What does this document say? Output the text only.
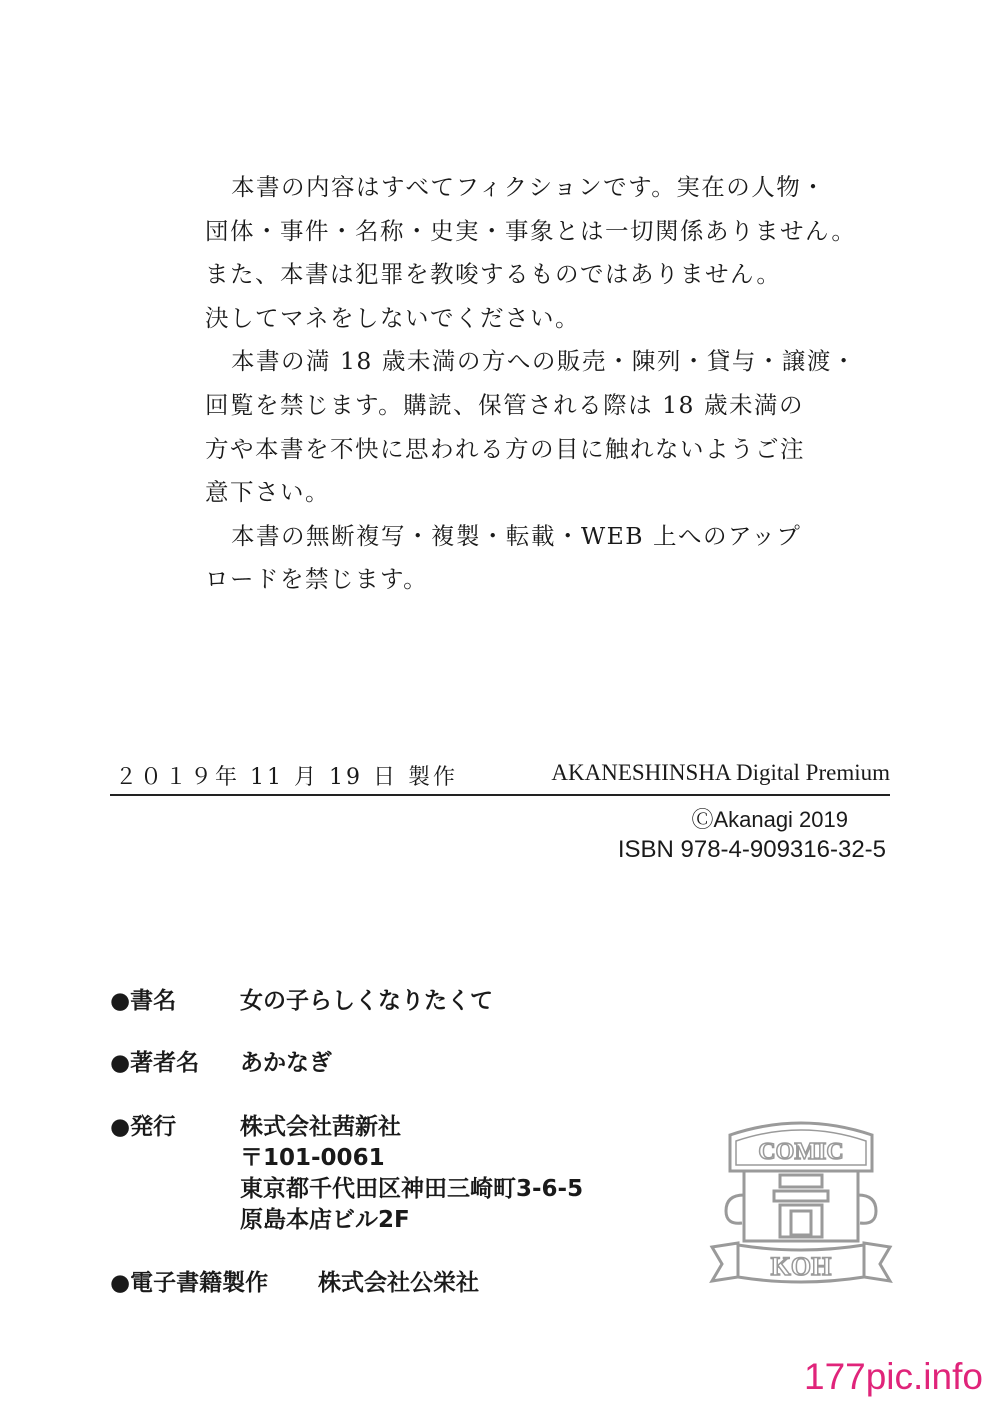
本書の内容はすべてフィクションです。実在の人物・
団体・事件・名称・史実・事象とは一切関係ありません。
また、本書は犯罪を教唆するものではありません。
決してマネをしないでください。
本書の満 18 歳未満の方への販売・陳列・貸与・譲渡・
回覧を禁じます。購読、保管される際は 18 歳未満の
方や本書を不快に思われる方の目に触れないようご注
意下さい。
本書の無断複写・複製・転載・WEB 上へのアップ
ロードを禁じます。
２０１９年 11 月 19 日 製作	AKANESHINSHA Digital Premium
ⒸAkanagi 2019
ISBN 978-4-909316-32-5
●書名	女の子らしくなりたくて
●著者名 あかなぎ
●発行	株式会社茜新社
〒101-0061
東京都千代田区神田三崎町3-6-5
原島本店ビル2F
●電子書籍製作 株式会社公栄社
COMIC
KOH
177pic.info
